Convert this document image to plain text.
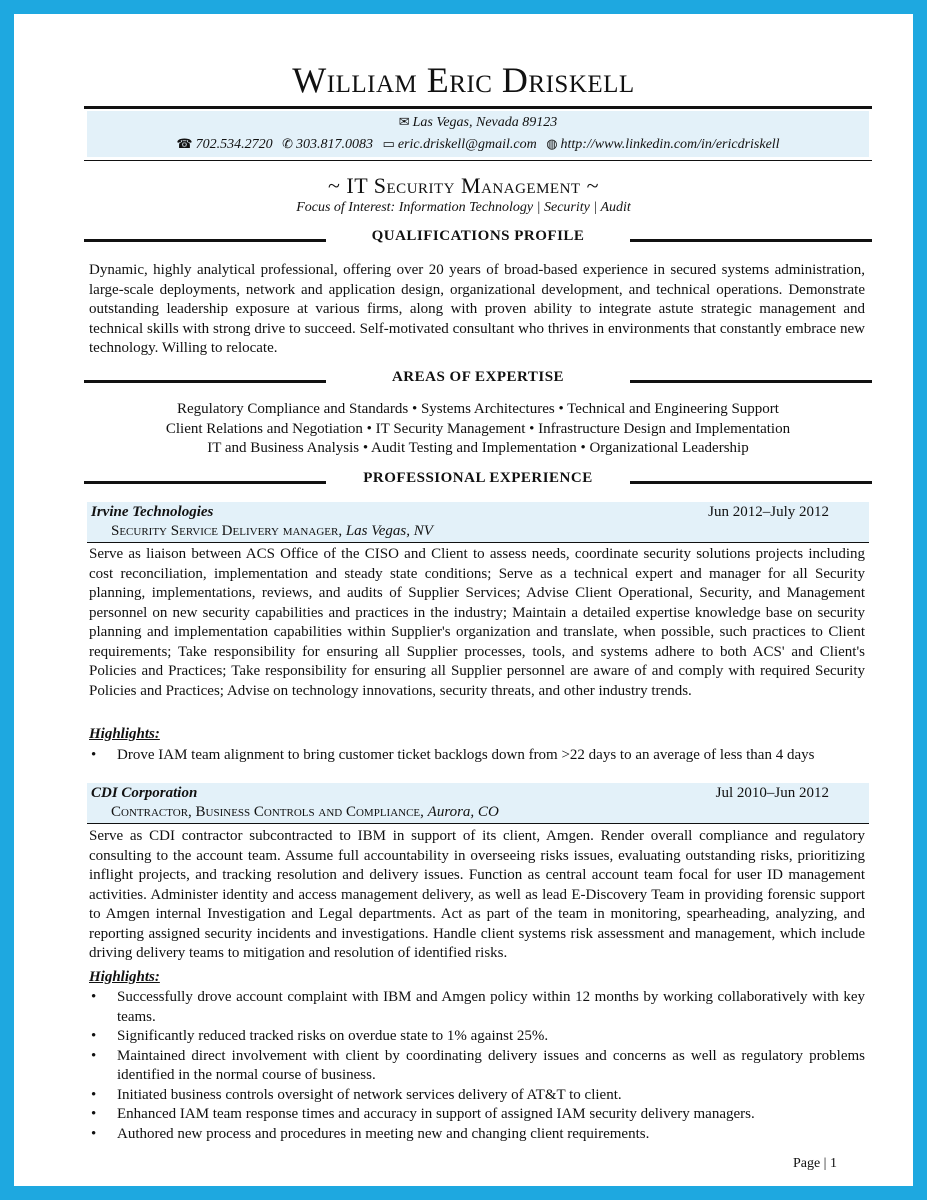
William Eric Driskell
✉ Las Vegas, Nevada 89123
☎ 702.534.2720 ✆ 303.817.0083 ▭ eric.driskell@gmail.com ◍ http://www.linkedin.com/in/ericdriskell
~ IT Security Management ~
Focus of Interest: Information Technology | Security | Audit
QUALIFICATIONS PROFILE
Dynamic, highly analytical professional, offering over 20 years of broad-based experience in secured systems administration, large-scale deployments, network and application design, organizational development, and technical operations. Demonstrate outstanding leadership exposure at various firms, along with proven ability to integrate astute strategic management and technical skills with strong drive to succeed. Self-motivated consultant who thrives in environments that constantly embrace new technology. Willing to relocate.
AREAS OF EXPERTISE
Regulatory Compliance and Standards • Systems Architectures • Technical and Engineering Support
Client Relations and Negotiation • IT Security Management • Infrastructure Design and Implementation
IT and Business Analysis • Audit Testing and Implementation • Organizational Leadership
PROFESSIONAL EXPERIENCE
Irvine Technologies	Jun 2012–July 2012
Security Service Delivery manager, Las Vegas, NV
Serve as liaison between ACS Office of the CISO and Client to assess needs, coordinate security solutions projects including cost reconciliation, implementation and steady state conditions; Serve as a technical expert and manager for all Security planning, implementations, reviews, and audits of Supplier Services; Advise Client Operational, Security, and Management personnel on new security capabilities and practices in the industry; Maintain a detailed expertise knowledge base on security planning and implementation capabilities within Supplier's organization and translate, when possible, such practices to Client requirements; Take responsibility for ensuring all Supplier processes, tools, and systems adhere to both ACS' and Client's Policies and Practices; Take responsibility for ensuring all Supplier personnel are aware of and comply with required Security Policies and Practices; Advise on technology innovations, security threats, and other industry trends.
Highlights:
• Drove IAM team alignment to bring customer ticket backlogs down from >22 days to an average of less than 4 days
CDI Corporation	Jul 2010–Jun 2012
Contractor, Business Controls and Compliance, Aurora, CO
Serve as CDI contractor subcontracted to IBM in support of its client, Amgen. Render overall compliance and regulatory consulting to the account team. Assume full accountability in overseeing risks issues, evaluating outstanding risks, prioritizing inflight projects, and tracking resolution and delivery issues. Function as central account team focal for user ID management activities. Administer identity and access management delivery, as well as lead E-Discovery Team in providing forensic support to Amgen internal Investigation and Legal departments. Act as part of the team in monitoring, spearheading, analyzing, and reporting assigned security incidents and investigations. Handle client systems risk assessment and management, which include driving delivery teams to mitigation and resolution of identified risks.
Highlights:
• Successfully drove account complaint with IBM and Amgen policy within 12 months by working collaboratively with key teams.
• Significantly reduced tracked risks on overdue state to 1% against 25%.
• Maintained direct involvement with client by coordinating delivery issues and concerns as well as regulatory problems identified in the normal course of business.
• Initiated business controls oversight of network services delivery of AT&T to client.
• Enhanced IAM team response times and accuracy in support of assigned IAM security delivery managers.
• Authored new process and procedures in meeting new and changing client requirements.
Page | 1
